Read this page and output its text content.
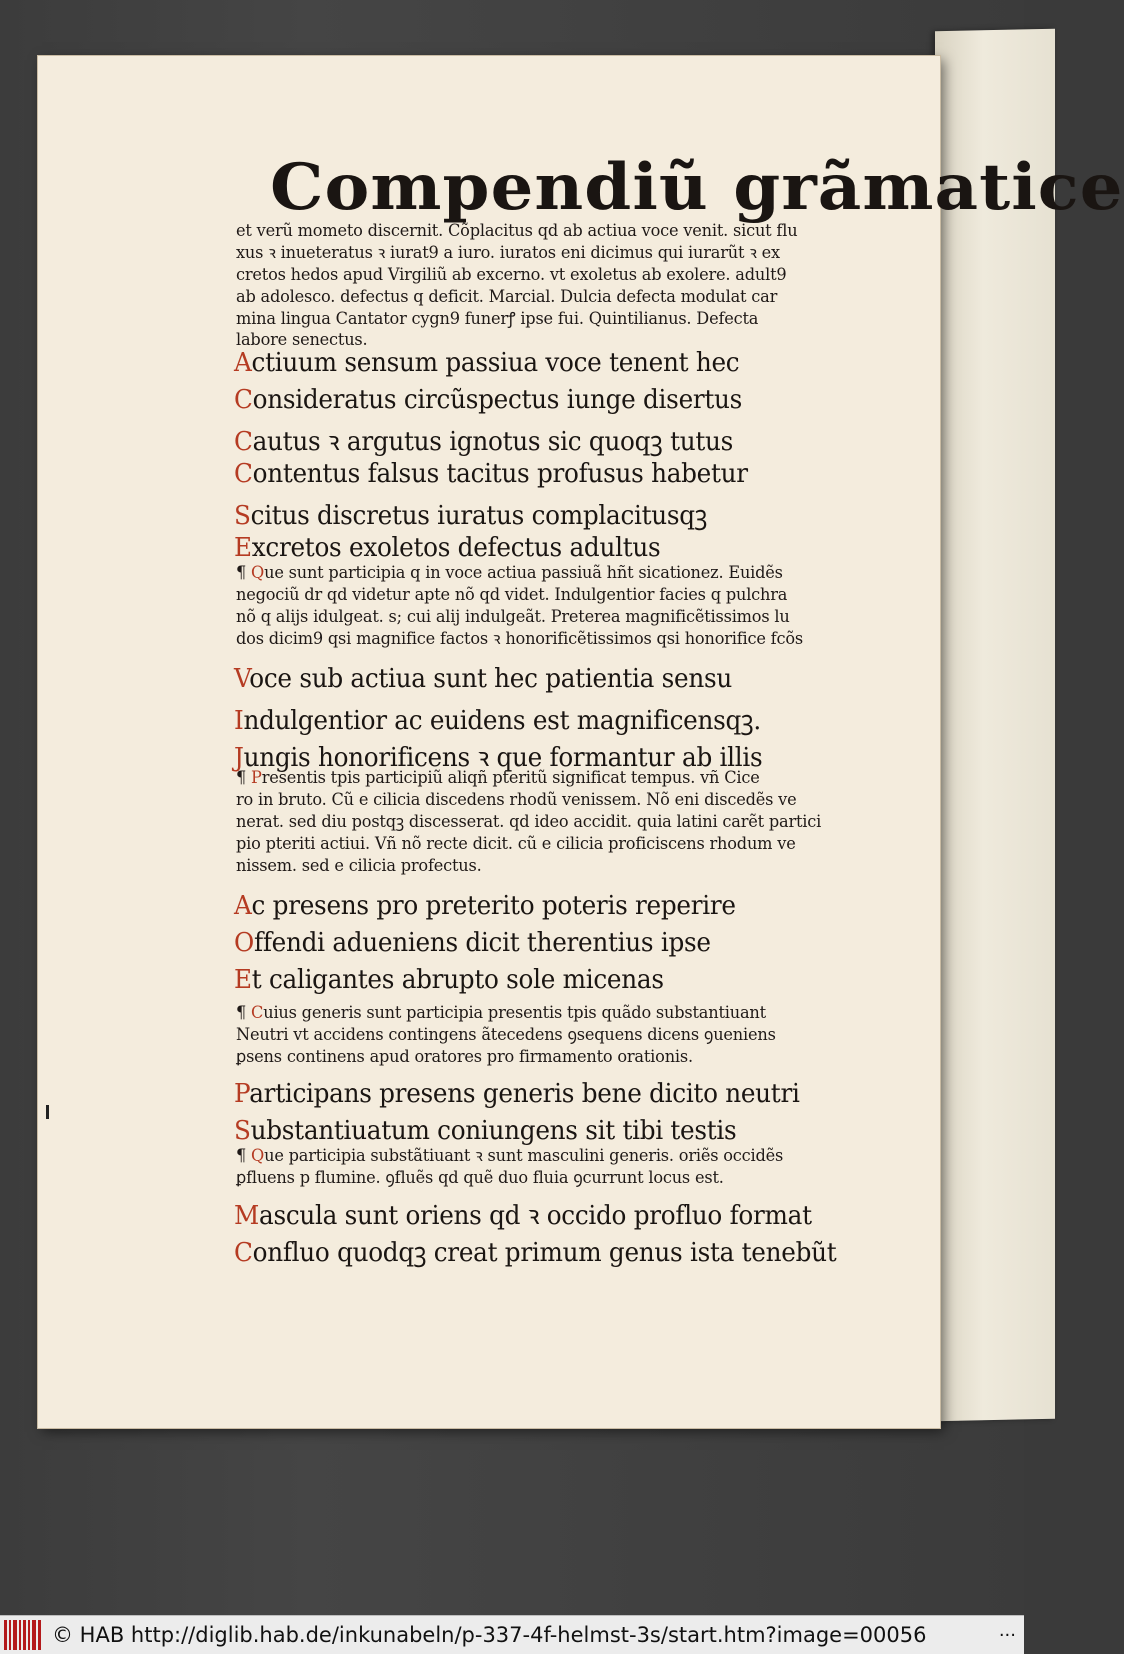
Compendiũ grãmatice
et verũ mometo discernit. Cõplacitus qd ab actiua voce venit. sicut flu
xus ꝛ inueteratus ꝛ iurat9 a iuro. iuratos eni dicimus qui iurarũt ꝛ ex
cretos hedos apud Virgiliũ ab excerno. vt exoletus ab exolere. adult9
ab adolesco. defectus q deficit. Marcial. Dulcia defecta modulat car
mina lingua Cantator cygn9 funerꝭ ipse fui. Quintilianus. Defecta
labore senectus.
Actiuum sensum passiua voce tenent hec
Consideratus circũspectus iunge disertus
Cautus ꝛ argutus ignotus sic quoqꝫ tutus
Contentus falsus tacitus profusus habetur
Scitus discretus iuratus complacitusqꝫ
Excretos exoletos defectus adultus
¶ Que sunt participia q in voce actiua passiuã hñt sicationez. Euidẽs
negociũ dr qd videtur apte nõ qd videt. Indulgentior facies q pulchra
nõ q alijs idulgeat. s; cui alij indulgeãt. Preterea magnificẽtissimos lu
dos dicim9 qsi magnifice factos ꝛ honorificẽtissimos qsi honorifice fcõs
Voce sub actiua sunt hec patientia sensu
Indulgentior ac euidens est magnificensqꝫ.
Jungis honorificens ꝛ que formantur ab illis
¶ Presentis tpis participiũ aliqñ pteritũ significat tempus. vñ Cice
ro in bruto. Cũ e cilicia discedens rhodũ venissem. Nõ eni discedẽs ve
nerat. sed diu postqꝫ discesserat. qd ideo accidit. quia latini carẽt partici
pio pteriti actiui. Vñ nõ recte dicit. cũ e cilicia proficiscens rhodum ve
nissem. sed e cilicia profectus.
Ac presens pro preterito poteris reperire
Offendi adueniens dicit therentius ipse
Et caligantes abrupto sole micenas
¶ Cuius generis sunt participia presentis tpis quãdo substantiuant
Neutri vt accidens contingens ãtecedens ꝯsequens dicens ꝯueniens
ꝑsens continens apud oratores pro firmamento orationis.
Participans presens generis bene dicito neutri
Substantiuatum coniungens sit tibi testis
¶ Que participia substãtiuant ꝛ sunt masculini generis. oriẽs occidẽs
ꝑfluens p flumine. ꝯfluẽs qd quẽ duo fluia ꝯcurrunt locus est.
Mascula sunt oriens qd ꝛ occido profluo format
Confluo quodqꝫ creat primum genus ista tenebũt
© HAB http://diglib.hab.de/inkunabeln/p-337-4f-helmst-3s/start.htm?image=00056	···
